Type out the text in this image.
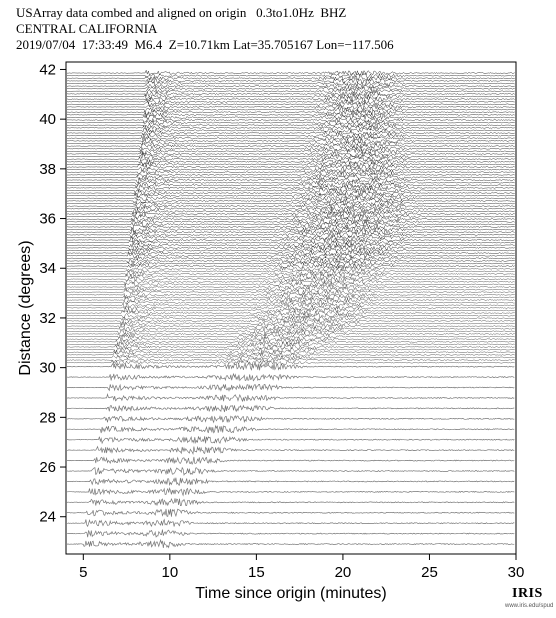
USArray data combed and aligned on origin   0.3to1.0Hz  BHZ
CENTRAL CALIFORNIA
2019/07/04  17:33:49  M6.4  Z=10.71km Lat=35.705167 Lon=−117.506
5	10	15	20	25	30
24
26
28
30
32
34
36
38
40
42
Time since origin (minutes)
Distance (degrees)
IRIS
www.iris.edu/spud
